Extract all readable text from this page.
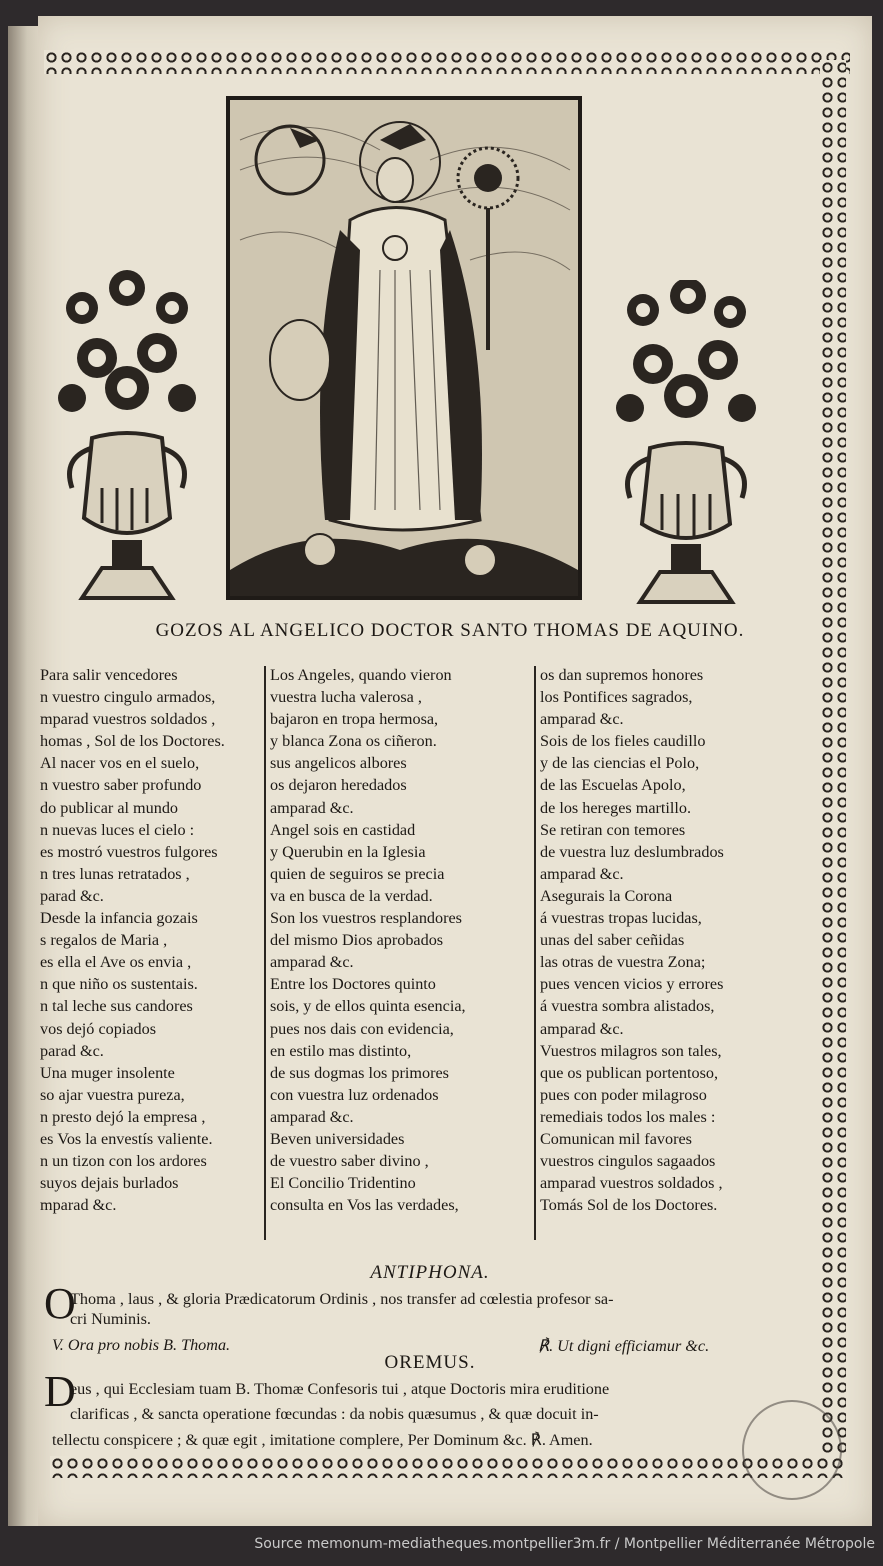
GOZOS AL ANGELICO DOCTOR SANTO THOMAS DE AQUINO.
Para salir vencedores
n vuestro cingulo armados,
mparad vuestros soldados ,
homas , Sol de los Doctores.
Al nacer vos en el suelo,
n vuestro saber profundo
do publicar al mundo
n nuevas luces el cielo :
es mostró vuestros fulgores
n tres lunas retratados ,
parad &c.
Desde la infancia gozais
s regalos de Maria ,
es ella el Ave os envia ,
n que niño os sustentais.
n tal leche sus candores
vos dejó copiados
parad &c.
Una muger insolente
so ajar vuestra pureza,
n presto dejó la empresa ,
es Vos la envestís valiente.
n un tizon con los ardores
suyos dejais burlados
mparad &c.
Los Angeles, quando vieron
vuestra lucha valerosa ,
bajaron en tropa hermosa,
y blanca Zona os ciñeron.
sus angelicos albores
os dejaron heredados
amparad &c.
Angel sois en castidad
y Querubin en la Iglesia
quien de seguiros se precia
va en busca de la verdad.
Son los vuestros resplandores
del mismo Dios aprobados
amparad &c.
Entre los Doctores quinto
sois, y de ellos quinta esencia,
pues nos dais con evidencia,
en estilo mas distinto,
de sus dogmas los primores
con vuestra luz ordenados
amparad &c.
Beven universidades
de vuestro saber divino ,
El Concilio Tridentino
consulta en Vos las verdades,
os dan supremos honores
los Pontifices sagrados,
amparad &c.
Sois de los fieles caudillo
y de las ciencias el Polo,
de las Escuelas Apolo,
de los hereges martillo.
Se retiran con temores
de vuestra luz deslumbrados
amparad &c.
Asegurais la Corona
á vuestras tropas lucidas,
unas del saber ceñidas
las otras de vuestra Zona;
pues vencen vicios y errores
á vuestra sombra alistados,
amparad &c.
Vuestros milagros son tales,
que os publican portentoso,
pues con poder milagroso
remediais todos los males :
Comunican mil favores
vuestros cingulos sagaados
amparad vuestros soldados ,
Tomás Sol de los Doctores.
ANTIPHONA.
O
Thoma , laus , & gloria Prædicatorum Ordinis , nos transfer ad cœlestia profesor sa-
cri Numinis.
V. Ora pro nobis B. Thoma.	℟. Ut digni efficiamur &c.
OREMUS.
D
eus , qui Ecclesiam tuam B. Thomæ Confesoris tui , atque Doctoris mira eruditione
clarificas , & sancta operatione fœcundas : da nobis quæsumus , & quæ docuit in-
tellectu conspicere ; & quæ egit , imitatione complere, Per Dominum &c. ℟. Amen.
Source memonum-mediatheques.montpellier3m.fr / Montpellier Méditerranée Métropole
